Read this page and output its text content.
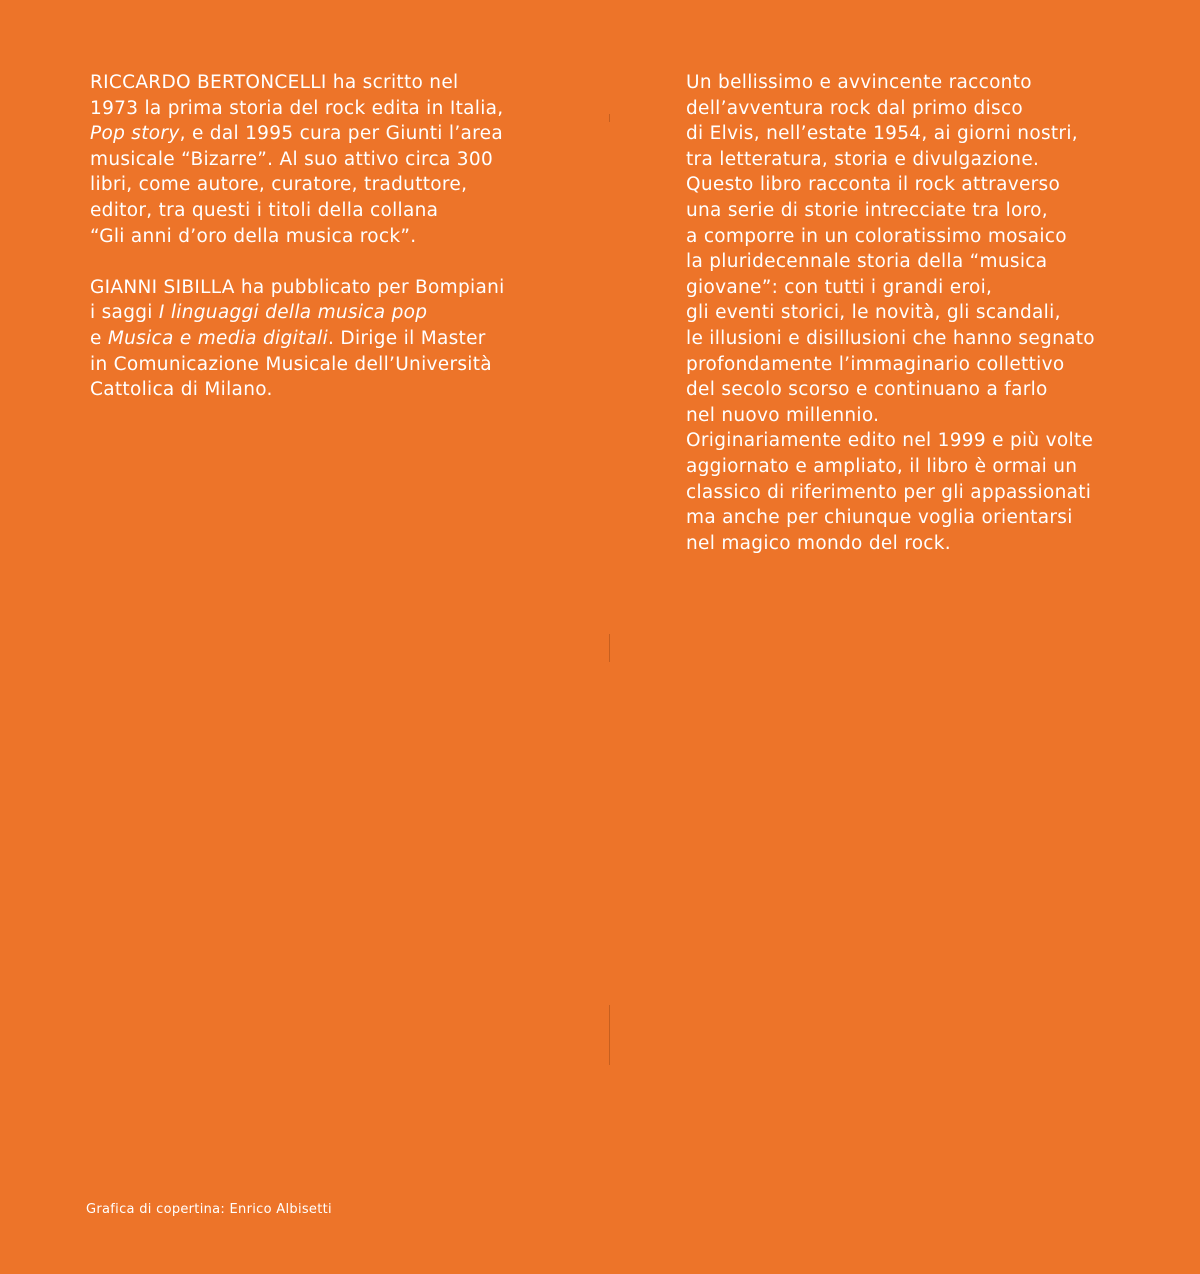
RICCARDO BERTONCELLI ha scritto nel
1973 la prima storia del rock edita in Italia,
Pop story, e dal 1995 cura per Giunti l’area
musicale “Bizarre”. Al suo attivo circa 300
libri, come autore, curatore, traduttore,
editor, tra questi i titoli della collana
“Gli anni d’oro della musica rock”.

GIANNI SIBILLA ha pubblicato per Bompiani
i saggi I linguaggi della musica pop
e Musica e media digitali. Dirige il Master
in Comunicazione Musicale dell’Università
Cattolica di Milano.

Un bellissimo e avvincente racconto
dell’avventura rock dal primo disco
di Elvis, nell’estate 1954, ai giorni nostri,
tra letteratura, storia e divulgazione.
Questo libro racconta il rock attraverso
una serie di storie intrecciate tra loro,
a comporre in un coloratissimo mosaico
la pluridecennale storia della “musica
giovane”: con tutti i grandi eroi,
gli eventi storici, le novità, gli scandali,
le illusioni e disillusioni che hanno segnato
profondamente l’immaginario collettivo
del secolo scorso e continuano a farlo
nel nuovo millennio.
Originariamente edito nel 1999 e più volte
aggiornato e ampliato, il libro è ormai un
classico di riferimento per gli appassionati
ma anche per chiunque voglia orientarsi
nel magico mondo del rock.

Grafica di copertina: Enrico Albisetti
